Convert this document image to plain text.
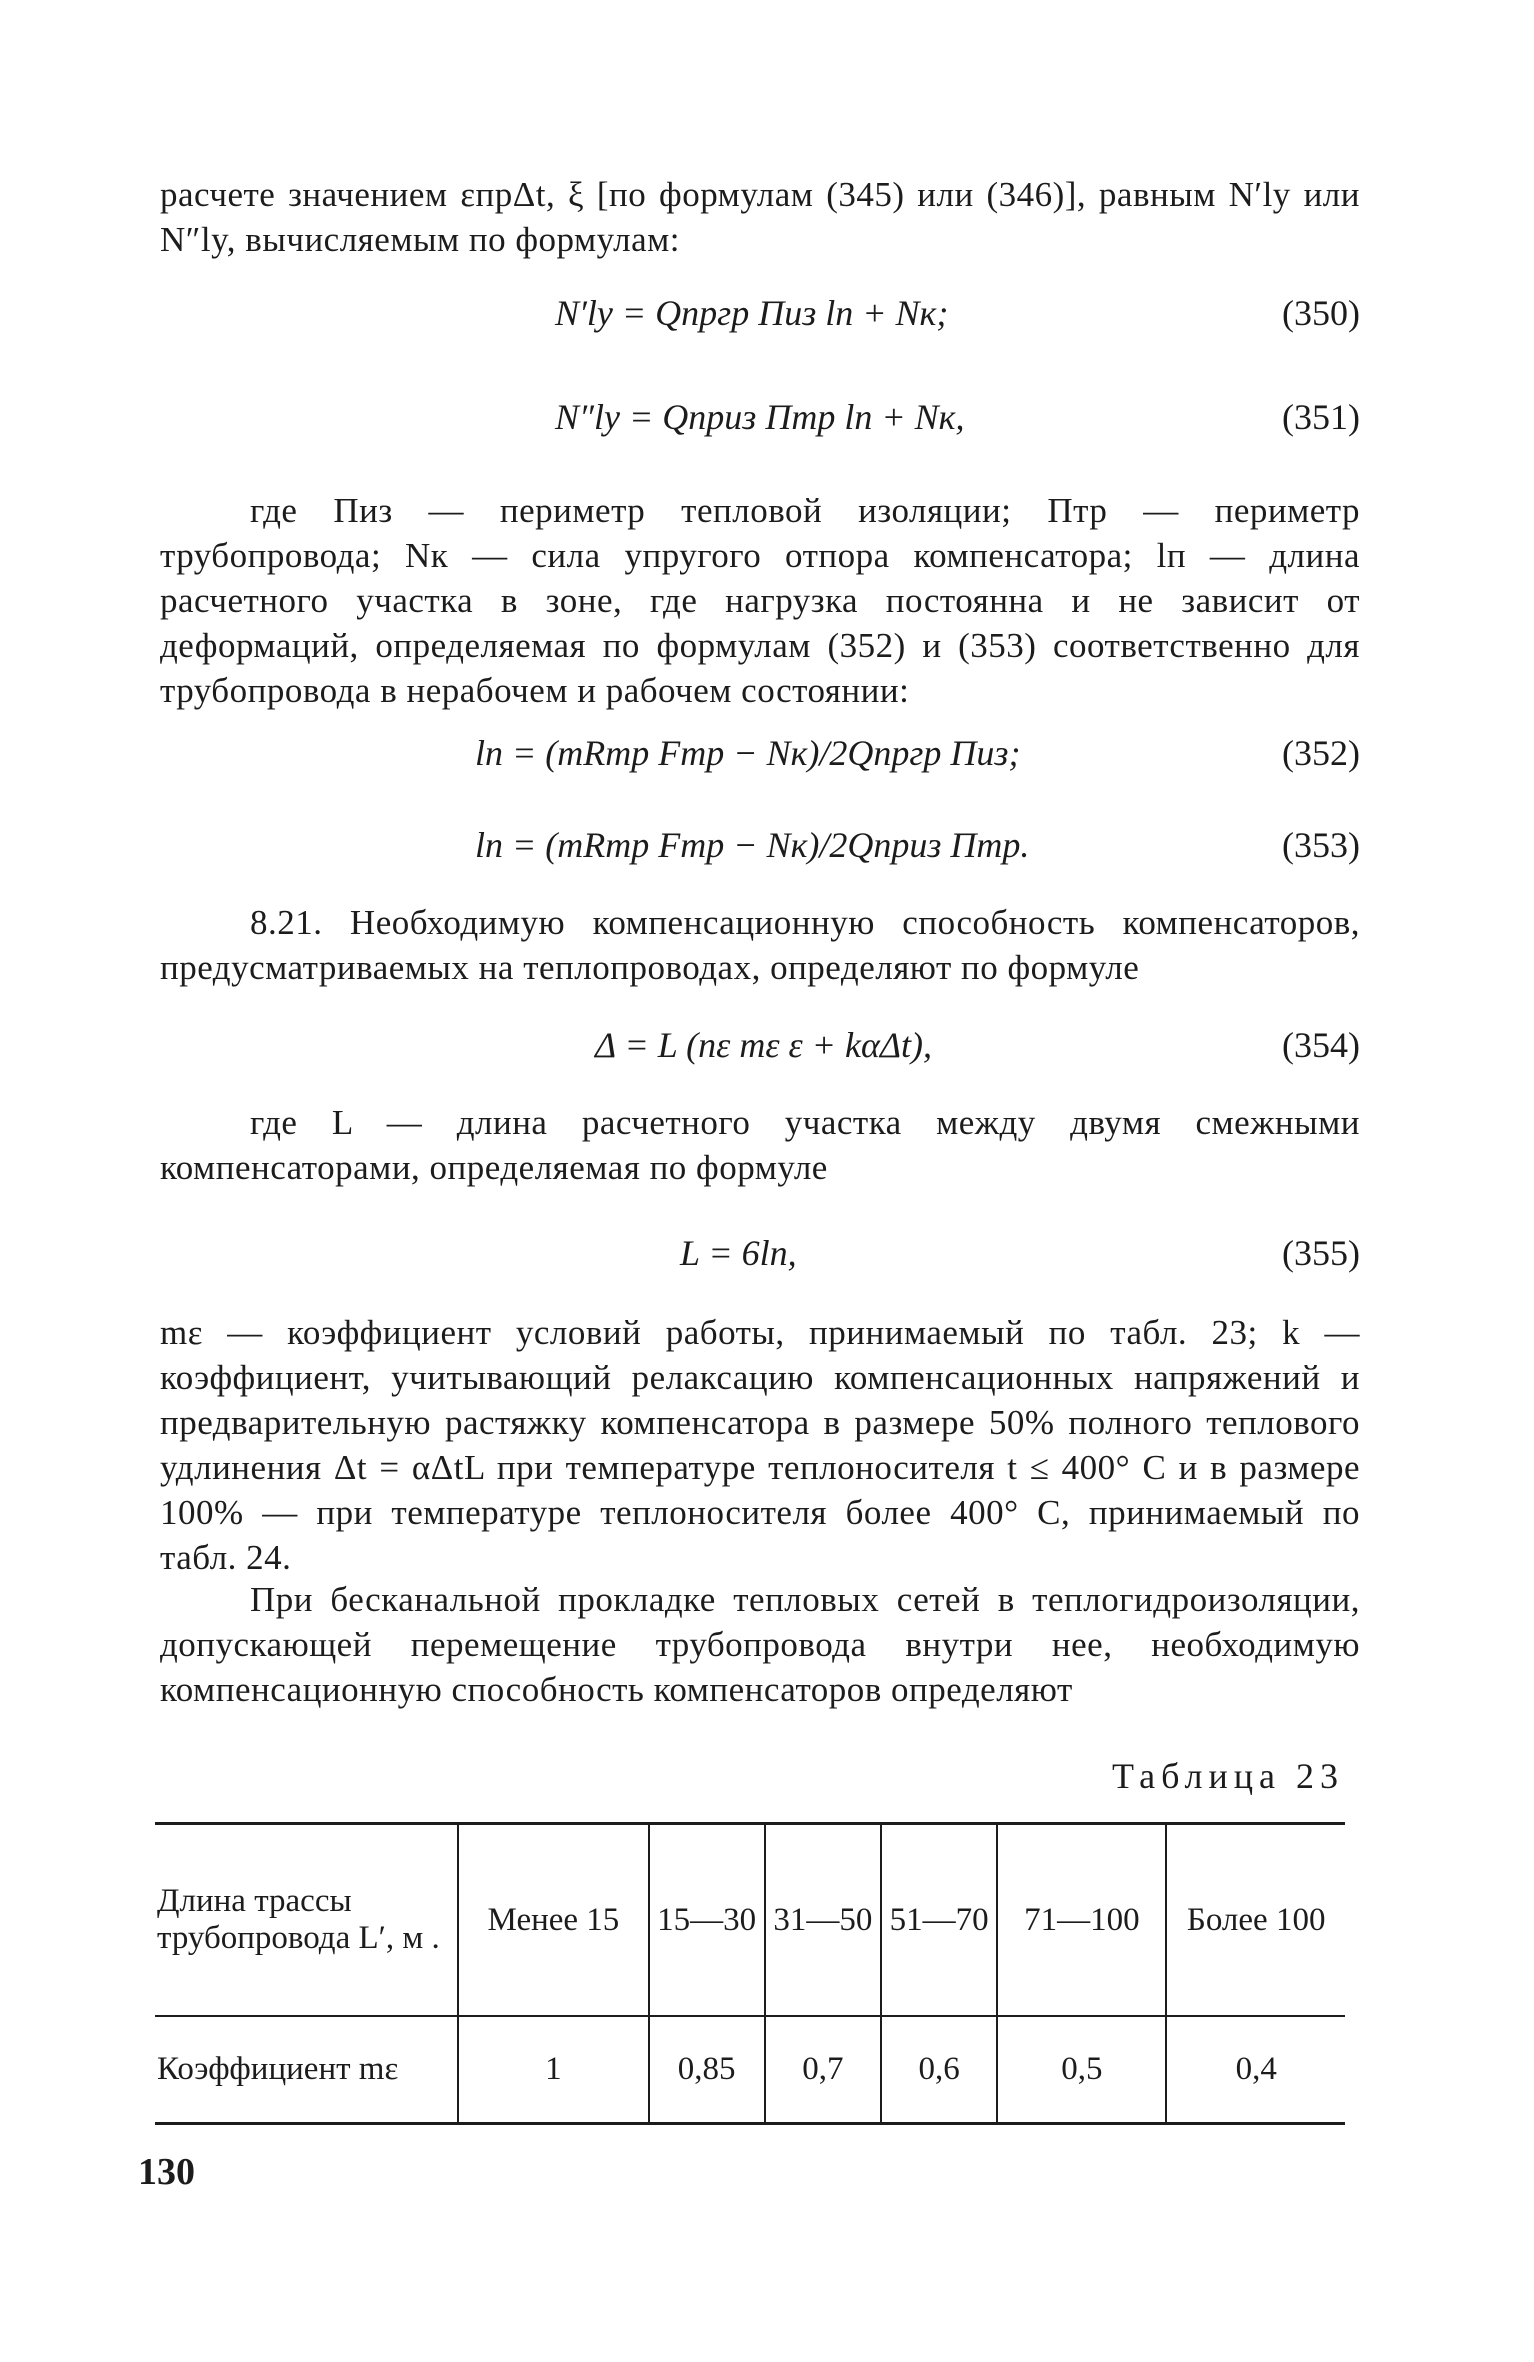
расчете значением εпрΔt, ξ [по формулам (345) или (346)], равным N′ly или N″ly, вычисляемым по формулам:

N′ly = Qпргр Пиз lп + Nк;	(350)
N″ly = Qприз Птр lп + Nк,	(351)

где Пиз — периметр тепловой изоляции; Птр — периметр трубопровода; Nк — сила упругого отпора компенсатора; lп — длина расчетного участка в зоне, где нагрузка постоянна и не зависит от деформаций, определяемая по формулам (352) и (353) соответственно для трубопровода в нерабочем и рабочем состоянии:

lп = (mRтр Fтр − Nк)/2Qпргр Пиз;	(352)
lп = (mRтр Fтр − Nк)/2Qприз Птр.	(353)

8.21. Необходимую компенсационную способность компенсаторов, предусматриваемых на теплопроводах, определяют по формуле

Δ = L (nε mε ε + kαΔt),	(354)

где L — длина расчетного участка между двумя смежными компенсаторами, определяемая по формуле

L = 6lп,	(355)

mε — коэффициент условий работы, принимаемый по табл. 23; k — коэффициент, учитывающий релаксацию компенсационных напряжений и предварительную растяжку компенсатора в размере 50% полного теплового удлинения Δt = αΔtL при температуре теплоносителя t ≤ 400° С и в размере 100% — при температуре теплоносителя более 400° С, принимаемый по табл. 24.

При бесканальной прокладке тепловых сетей в теплогидроизоляции, допускающей перемещение трубопровода внутри нее, необходимую компенсационную способность компенсаторов определяют

Таблица 23
Длина трассы трубопровода L′, м .	Менее 15	15—30	31—50	51—70	71—100	Более 100
Коэффициент mε	1	0,85	0,7	0,6	0,5	0,4
130
